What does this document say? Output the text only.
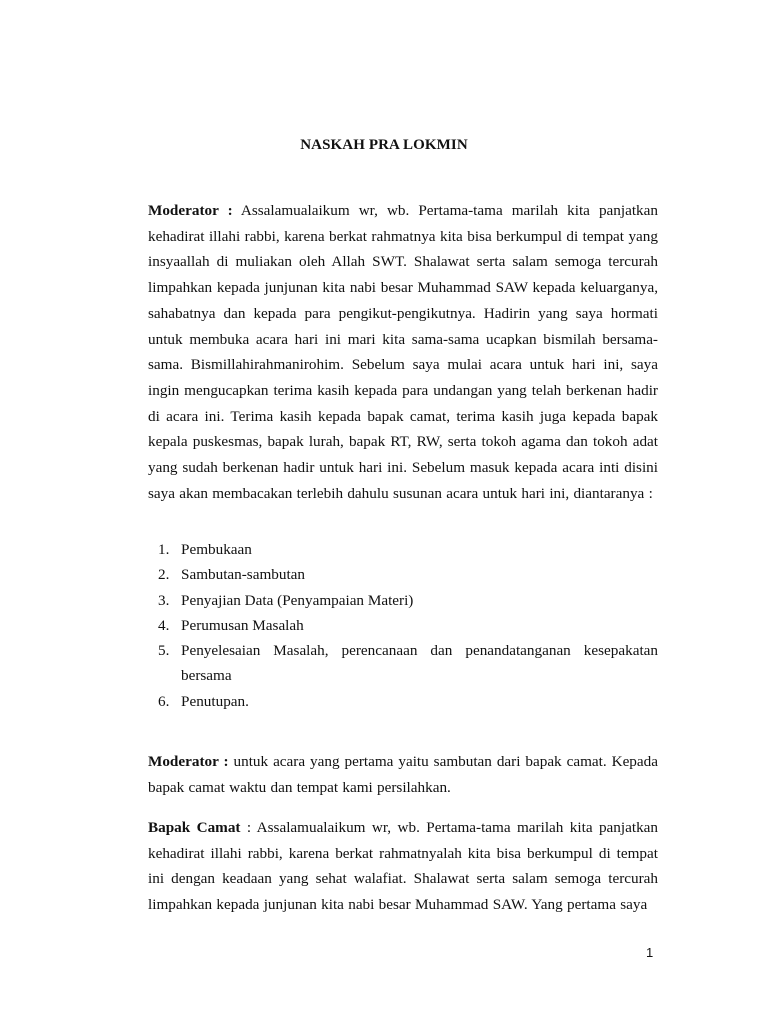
NASKAH PRA LOKMIN
Moderator : Assalamualaikum wr, wb. Pertama-tama marilah kita panjatkan kehadirat illahi rabbi, karena berkat rahmatnya kita bisa berkumpul di tempat yang insyaallah di muliakan oleh Allah SWT. Shalawat serta salam semoga tercurah limpahkan kepada junjunan kita nabi besar Muhammad SAW kepada keluarganya, sahabatnya dan kepada para pengikut-pengikutnya. Hadirin yang saya hormati untuk membuka acara hari ini mari kita sama-sama ucapkan bismilah bersama-sama. Bismillahirahmanirohim. Sebelum saya mulai acara untuk hari ini, saya ingin mengucapkan terima kasih kepada para undangan yang telah berkenan hadir di acara ini. Terima kasih kepada bapak camat, terima kasih juga kepada bapak kepala puskesmas, bapak lurah, bapak RT, RW, serta tokoh agama dan tokoh adat yang sudah berkenan hadir untuk hari ini. Sebelum masuk kepada acara inti disini saya akan membacakan terlebih dahulu susunan acara untuk hari ini, diantaranya :
1. Pembukaan
2. Sambutan-sambutan
3. Penyajian Data (Penyampaian Materi)
4. Perumusan Masalah
5. Penyelesaian Masalah, perencanaan dan penandatanganan kesepakatan bersama
6. Penutupan.
Moderator : untuk acara yang pertama yaitu sambutan dari bapak camat. Kepada bapak camat waktu dan tempat kami persilahkan.
Bapak Camat : Assalamualaikum wr, wb. Pertama-tama marilah kita panjatkan kehadirat illahi rabbi, karena berkat rahmatnyalah kita bisa berkumpul di tempat ini dengan keadaan yang sehat walafiat. Shalawat serta salam semoga tercurah limpahkan kepada junjunan kita nabi besar Muhammad SAW. Yang pertama saya
1
